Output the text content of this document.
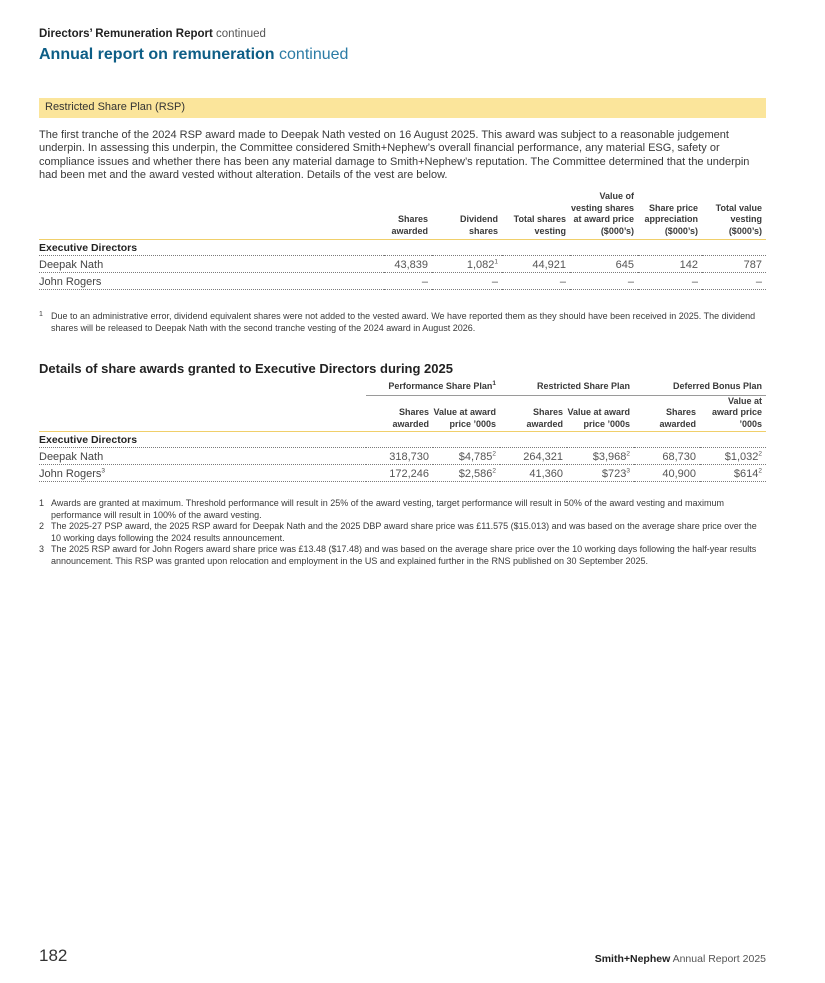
Directors’ Remuneration Report continued
Annual report on remuneration continued
Restricted Share Plan (RSP)

The first tranche of the 2024 RSP award made to Deepak Nath vested on 16 August 2025. This award was subject to a reasonable judgement underpin. In assessing this underpin, the Committee considered Smith+Nephew’s overall financial performance, any material ESG, safety or compliance issues and whether there has been any material damage to Smith+Nephew’s reputation. The Committee determined that the underpin had been met and the award vested without alteration. Details of the vest are below.

	Shares awarded	Dividend shares	Total shares vesting	Value of vesting shares at award price ($000’s)	Share price appreciation ($000’s)	Total value vesting ($000’s)
Executive Directors						
Deepak Nath	43,839	1,082$^1$	44,921	645	142	787
John Rogers	–	–	–	–	–	–
1 Due to an administrative error, dividend equivalent shares were not added to the vested award. We have reported them as they should have been received in 2025. The dividend shares will be released to Deepak Nath with the second tranche vesting of the 2024 award in August 2026.
Details of share awards granted to Executive Directors during 2025
	Performance Share Plan$^1$		Restricted Share Plan		Deferred Bonus Plan	
	Shares awarded	Value at award price ’000s	Shares awarded	Value at award price ’000s	Shares awarded	Value at award price ’000s
Executive Directors						
Deepak Nath	318,730	$4,785$^2$	264,321	$3,968$^2$	68,730	$1,032$^2$
John Rogers$^3$	172,246	$2,586$^2$	41,360	$\$723^3$	40,900	$\$614^2$
1 Awards are granted at maximum. Threshold performance will result in 25% of the award vesting, target performance will result in 50% of the award vesting and maximum performance will result in 100% of the award vesting.
2 The 2025-27 PSP award, the 2025 RSP award for Deepak Nath and the 2025 DBP award share price was £11.575 ($15.013) and was based on the average share price over the 10 working days following the 2024 results announcement.
3 The 2025 RSP award for John Rogers award share price was £13.48 ($17.48) and was based on the average share price over the 10 working days following the half-year results announcement. This RSP was granted upon relocation and employment in the US and explained further in the RNS published on 30 September 2025.
182	Smith+Nephew Annual Report 2025
